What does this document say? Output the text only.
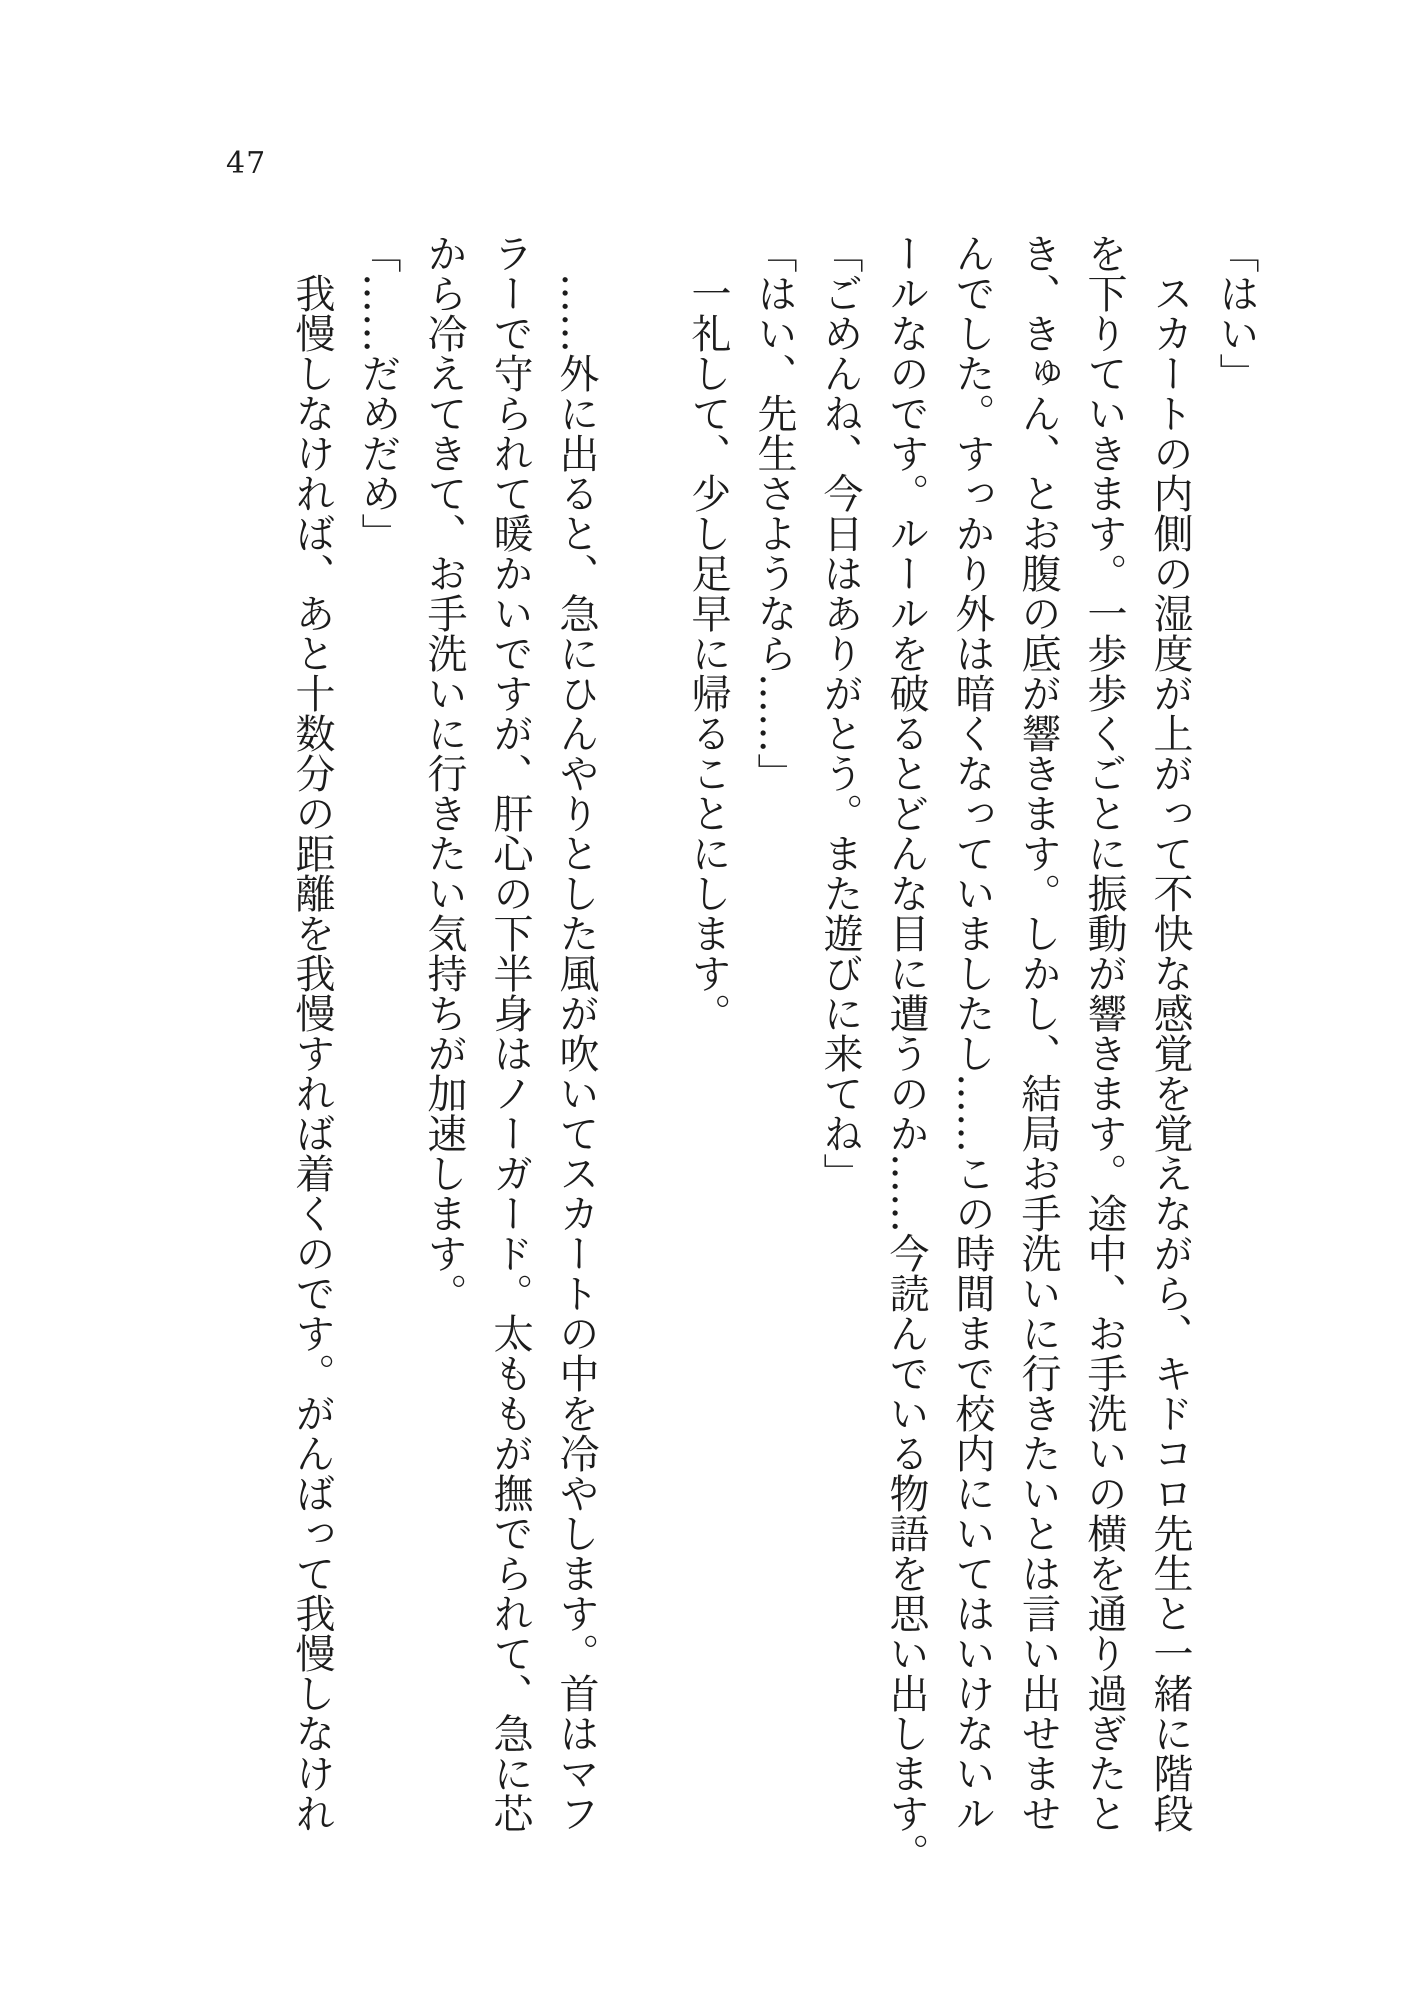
47
「はい」
スカートの内側の湿度が上がって不快な感覚を覚えながら、キドコロ先生と一緒に階段
を下りていきます。一歩歩くごとに振動が響きます。途中、お手洗いの横を通り過ぎたと
き、きゅん、とお腹の底が響きます。しかし、結局お手洗いに行きたいとは言い出せませ
んでした。すっかり外は暗くなっていましたし……この時間まで校内にいてはいけないル
ールなのです。ルールを破るとどんな目に遭うのか……今読んでいる物語を思い出します。
「ごめんね、今日はありがとう。また遊びに来てね」
「はい、先生さようなら……」
一礼して、少し足早に帰ることにします。

……外に出ると、急にひんやりとした風が吹いてスカートの中を冷やします。首はマフ
ラーで守られて暖かいですが、肝心の下半身はノーガード。太ももが撫でられて、急に芯
から冷えてきて、お手洗いに行きたい気持ちが加速します。
「……だめだめ」
我慢しなければ、あと十数分の距離を我慢すれば着くのです。がんばって我慢しなけれ
